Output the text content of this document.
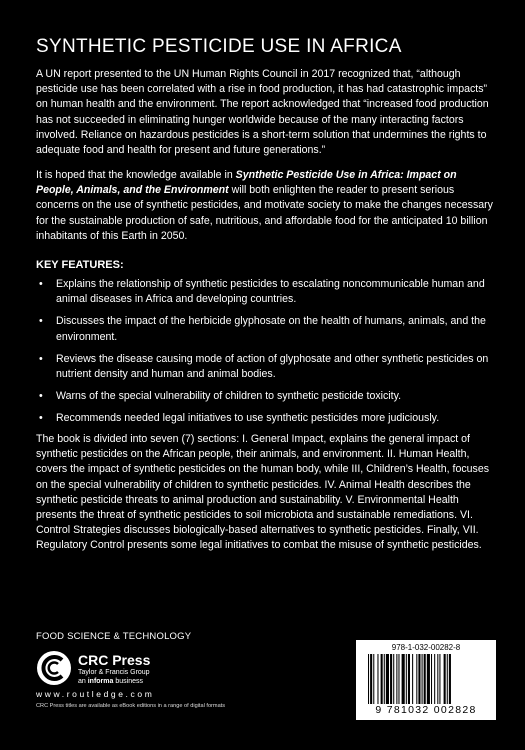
SYNTHETIC PESTICIDE USE IN AFRICA

A UN report presented to the UN Human Rights Council in 2017 recognized that, “although pesticide use has been correlated with a rise in food production, it has had catastrophic impacts” on human health and the environment. The report acknowledged that “increased food production has not succeeded in eliminating hunger worldwide because of the many interacting factors involved. Reliance on hazardous pesticides is a short-term solution that undermines the rights to adequate food and health for present and future generations.”

It is hoped that the knowledge available in Synthetic Pesticide Use in Africa: Impact on People, Animals, and the Environment will both enlighten the reader to present serious concerns on the use of synthetic pesticides, and motivate society to make the changes necessary for the sustainable production of safe, nutritious, and affordable food for the anticipated 10 billion inhabitants of this Earth in 2050.

KEY FEATURES:
• Explains the relationship of synthetic pesticides to escalating noncommunicable human and animal diseases in Africa and developing countries.
• Discusses the impact of the herbicide glyphosate on the health of humans, animals, and the environment.
• Reviews the disease causing mode of action of glyphosate and other synthetic pesticides on nutrient density and human and animal bodies.
• Warns of the special vulnerability of children to synthetic pesticide toxicity.
• Recommends needed legal initiatives to use synthetic pesticides more judiciously.

The book is divided into seven (7) sections: I. General Impact, explains the general impact of synthetic pesticides on the African people, their animals, and environment. II. Human Health, covers the impact of synthetic pesticides on the human body, while III, Children’s Health, focuses on the special vulnerability of children to synthetic pesticides. IV. Animal Health describes the synthetic pesticide threats to animal production and sustainability. V. Environmental Health presents the threat of synthetic pesticides to soil microbiota and sustainable remediations. VI. Control Strategies discusses biologically-based alternatives to synthetic pesticides. Finally, VII. Regulatory Control presents some legal initiatives to combat the misuse of synthetic pesticides.

FOOD SCIENCE & TECHNOLOGY
CRC Press
Taylor & Francis Group
an informa business
www.routledge.com
CRC Press titles are available as eBook editions in a range of digital formats
978-1-032-00282-8
9 781032 002828
